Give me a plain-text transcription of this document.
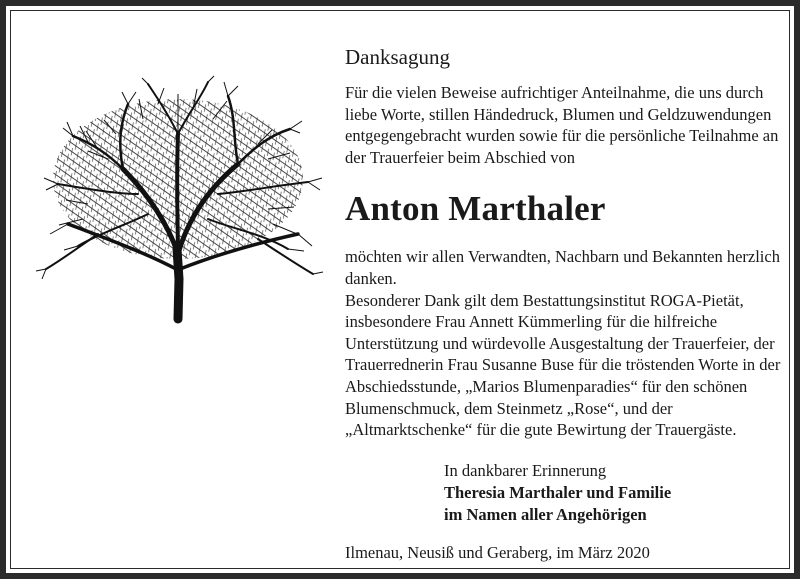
Danksagung

Für die vielen Beweise aufrichtiger Anteilnahme, die uns durch liebe Worte, stillen Händedruck, Blumen und Geldzuwendungen entgegengebracht wurden sowie für die persönliche Teilnahme an der Trauerfeier beim Abschied von

Anton Marthaler

möchten wir allen Verwandten, Nachbarn und Bekannten herzlich danken.

Besonderer Dank gilt dem Bestattungsinstitut ROGA-Pietät, insbesondere Frau Annett Kümmerling für die hilfreiche Unterstützung und würdevolle Ausgestaltung der Trauerfeier, der Trauerrednerin Frau Susanne Buse für die tröstenden Worte in der Abschiedsstunde, „Marios Blumenparadies“ für den schönen Blumenschmuck, dem Steinmetz „Rose“, und der „Altmarktschenke“ für die gute Bewirtung der Trauergäste.

In dankbarer Erinnerung
Theresia Marthaler und Familie
im Namen aller Angehörigen
Ilmenau, Neusiß und Geraberg, im März 2020
